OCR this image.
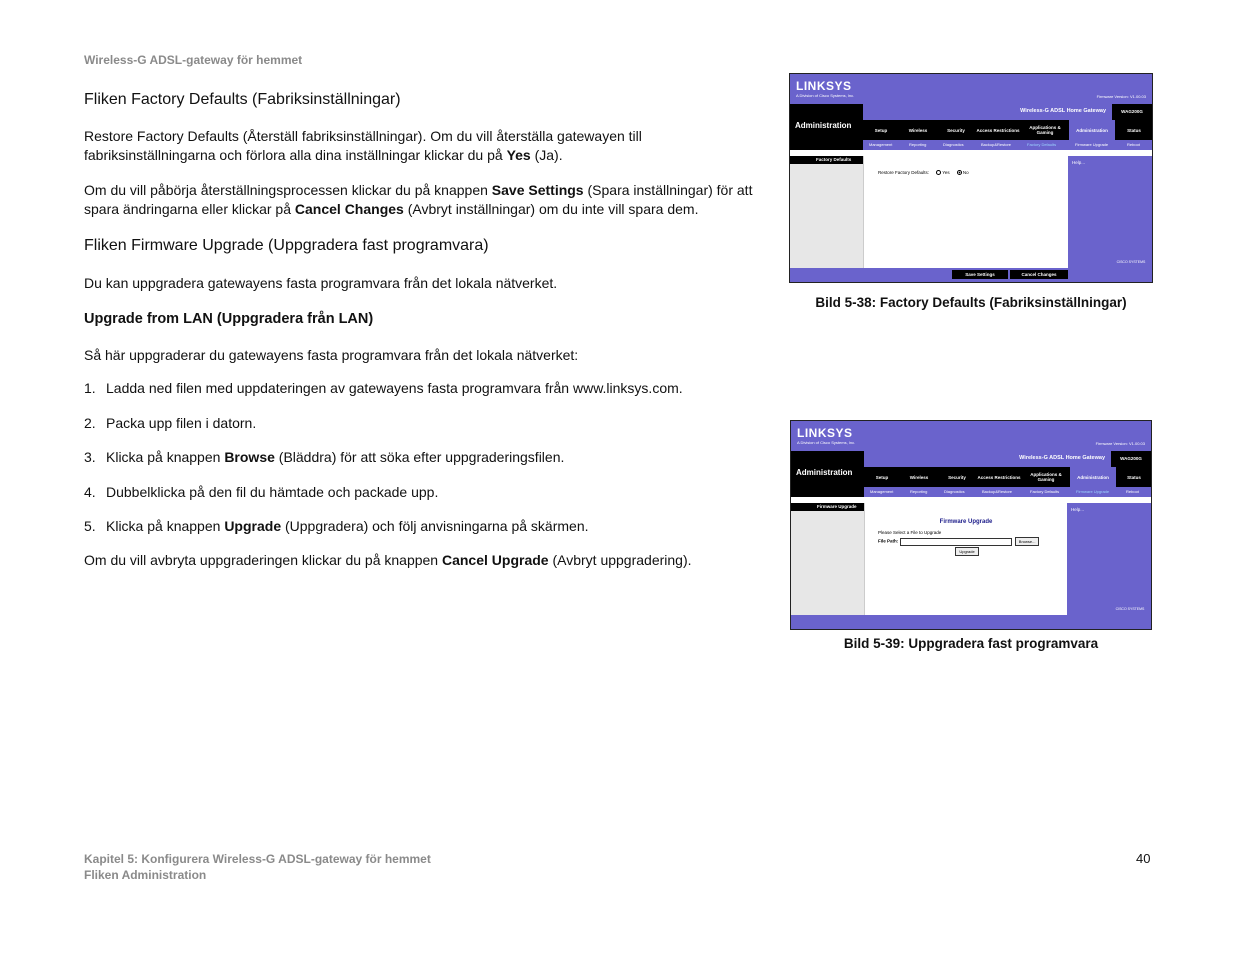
Wireless-G ADSL-gateway för hemmet
Fliken Factory Defaults (Fabriksinställningar)
Restore Factory Defaults (Återställ fabriksinställningar). Om du vill återställa gatewayen till fabriksinställningarna och förlora alla dina inställningar klickar du på Yes (Ja).
Om du vill påbörja återställningsprocessen klickar du på knappen Save Settings (Spara inställningar) för att spara ändringarna eller klickar på Cancel Changes (Avbryt inställningar) om du inte vill spara dem.
Fliken Firmware Upgrade (Uppgradera fast programvara)
Du kan uppgradera gatewayens fasta programvara från det lokala nätverket.
Upgrade from LAN (Uppgradera från LAN)
Så här uppgraderar du gatewayens fasta programvara från det lokala nätverket:
1. Ladda ned filen med uppdateringen av gatewayens fasta programvara från www.linksys.com.
2. Packa upp filen i datorn.
3. Klicka på knappen Browse (Bläddra) för att söka efter uppgraderingsfilen.
4. Dubbelklicka på den fil du hämtade och packade upp.
5. Klicka på knappen Upgrade (Uppgradera) och följ anvisningarna på skärmen.
Om du vill avbryta uppgraderingen klickar du på knappen Cancel Upgrade (Avbryt uppgradering).
LINKSYS
A Division of Cisco Systems, Inc.	Firmware Version: V1.00.03
Administration
Wireless-G ADSL Home Gateway	WAG200G
Setup	Wireless	Security	Access Restrictions	Applications & Gaming	Administration	Status
Management	Reporting	Diagnostics	Backup&Restore	Factory Defaults	Firmware Upgrade	Reboot
Factory Defaults
Restore Factory Defaults:	Yes	No
Help...
CISCO SYSTEMS
Save Settings	Cancel Changes
Bild 5-38: Factory Defaults (Fabriksinställningar)
LINKSYS
A Division of Cisco Systems, Inc.	Firmware Version: V1.00.03
Administration
Wireless-G ADSL Home Gateway	WAG200G
Setup	Wireless	Security	Access Restrictions	Applications & Gaming	Administration	Status
Management	Reporting	Diagnostics	Backup&Restore	Factory Defaults	Firmware Upgrade	Reboot
Firmware Upgrade
Firmware Upgrade
Please Select a File to Upgrade
File Path:	Browse...
Upgrade
Help...
CISCO SYSTEMS
Bild 5-39: Uppgradera fast programvara
Kapitel 5: Konfigurera Wireless-G ADSL-gateway för hemmet
Fliken Administration
40
